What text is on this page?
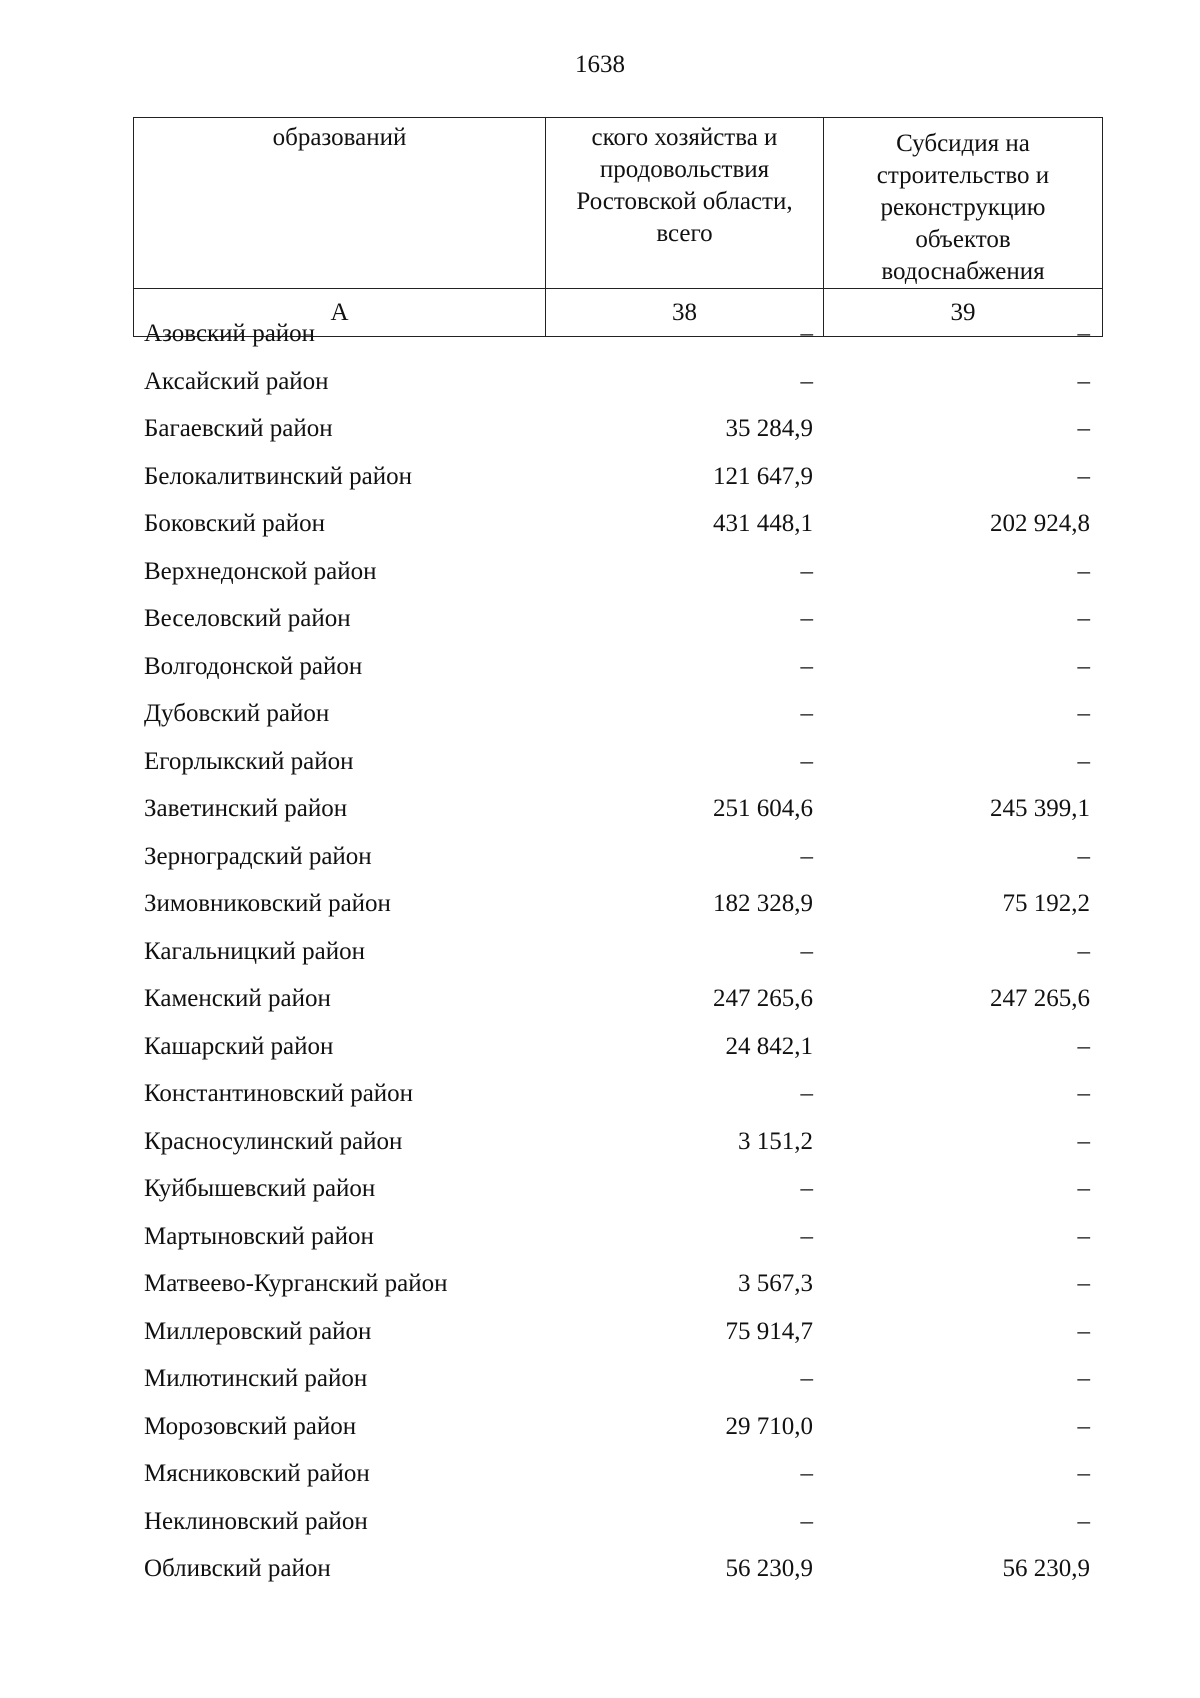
1638
образований	ского хозяйства и продовольствия Ростовской области, всего	Субсидия на строительство и реконструкцию объектов водоснабжения
А	38	39
Азовский район	–	–
Аксайский район	–	–
Багаевский район	35 284,9	–
Белокалитвинский район	121 647,9	–
Боковский район	431 448,1	202 924,8
Верхнедонской район	–	–
Веселовский район	–	–
Волгодонской район	–	–
Дубовский район	–	–
Егорлыкский район	–	–
Заветинский район	251 604,6	245 399,1
Зерноградский район	–	–
Зимовниковский район	182 328,9	75 192,2
Кагальницкий район	–	–
Каменский район	247 265,6	247 265,6
Кашарский район	24 842,1	–
Константиновский район	–	–
Красносулинский район	3 151,2	–
Куйбышевский район	–	–
Мартыновский район	–	–
Матвеево-Курганский район	3 567,3	–
Миллеровский район	75 914,7	–
Милютинский район	–	–
Морозовский район	29 710,0	–
Мясниковский район	–	–
Неклиновский район	–	–
Обливский район	56 230,9	56 230,9
